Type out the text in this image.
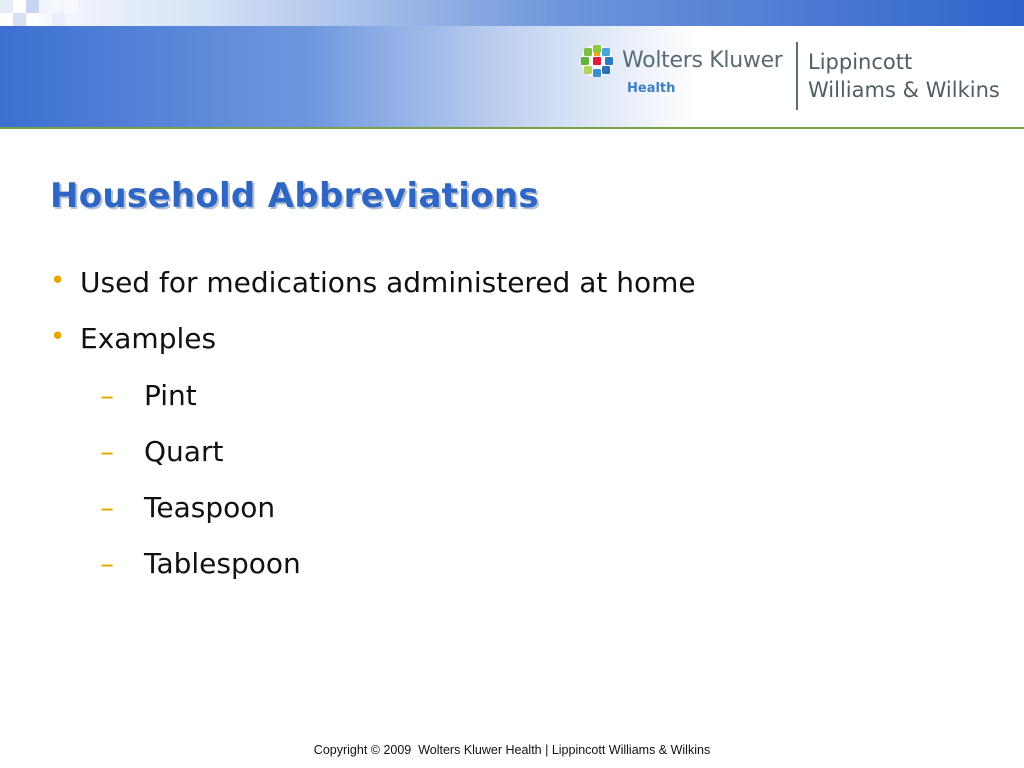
Wolters Kluwer
Health
Lippincott
Williams & Wilkins
Household Abbreviations
• Used for medications administered at home
• Examples
– Pint
– Quart
– Teaspoon
– Tablespoon
Copyright © 2009  Wolters Kluwer Health | Lippincott Williams & Wilkins
